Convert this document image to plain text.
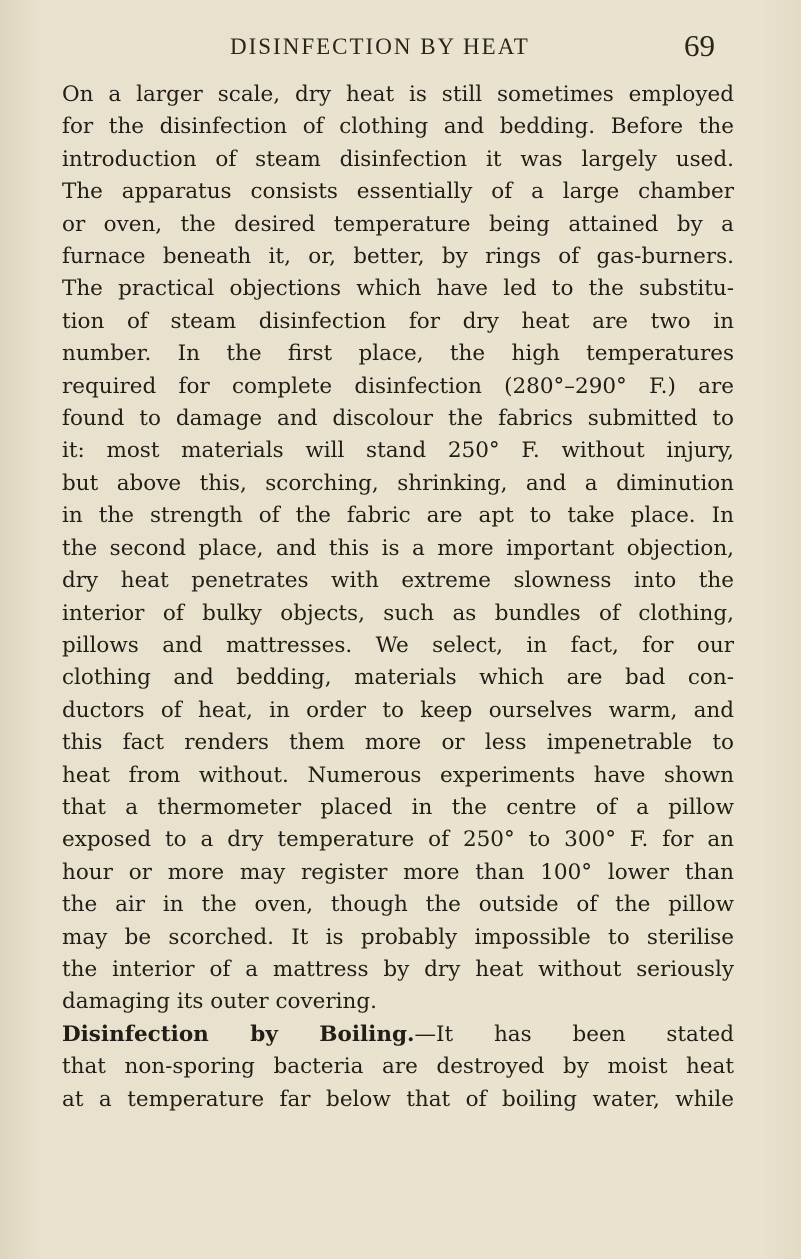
DISINFECTION BY HEAT	69
On a larger scale, dry heat is still sometimes employed
for the disinfection of clothing and bedding. Before the
introduction of steam disinfection it was largely used.
The apparatus consists essentially of a large chamber
or oven, the desired temperature being attained by a
furnace beneath it, or, better, by rings of gas-burners.
The practical objections which have led to the substitu-
tion of steam disinfection for dry heat are two in
number. In the first place, the high temperatures
required for complete disinfection (280°–290° F.) are
found to damage and discolour the fabrics submitted to
it: most materials will stand 250° F. without injury,
but above this, scorching, shrinking, and a diminution
in the strength of the fabric are apt to take place. In
the second place, and this is a more important objection,
dry heat penetrates with extreme slowness into the
interior of bulky objects, such as bundles of clothing,
pillows and mattresses. We select, in fact, for our
clothing and bedding, materials which are bad con-
ductors of heat, in order to keep ourselves warm, and
this fact renders them more or less impenetrable to
heat from without. Numerous experiments have shown
that a thermometer placed in the centre of a pillow
exposed to a dry temperature of 250° to 300° F. for an
hour or more may register more than 100° lower than
the air in the oven, though the outside of the pillow
may be scorched. It is probably impossible to sterilise
the interior of a mattress by dry heat without seriously
damaging its outer covering.
Disinfection by Boiling.—It has been stated
that non-sporing bacteria are destroyed by moist heat
at a temperature far below that of boiling water, while
